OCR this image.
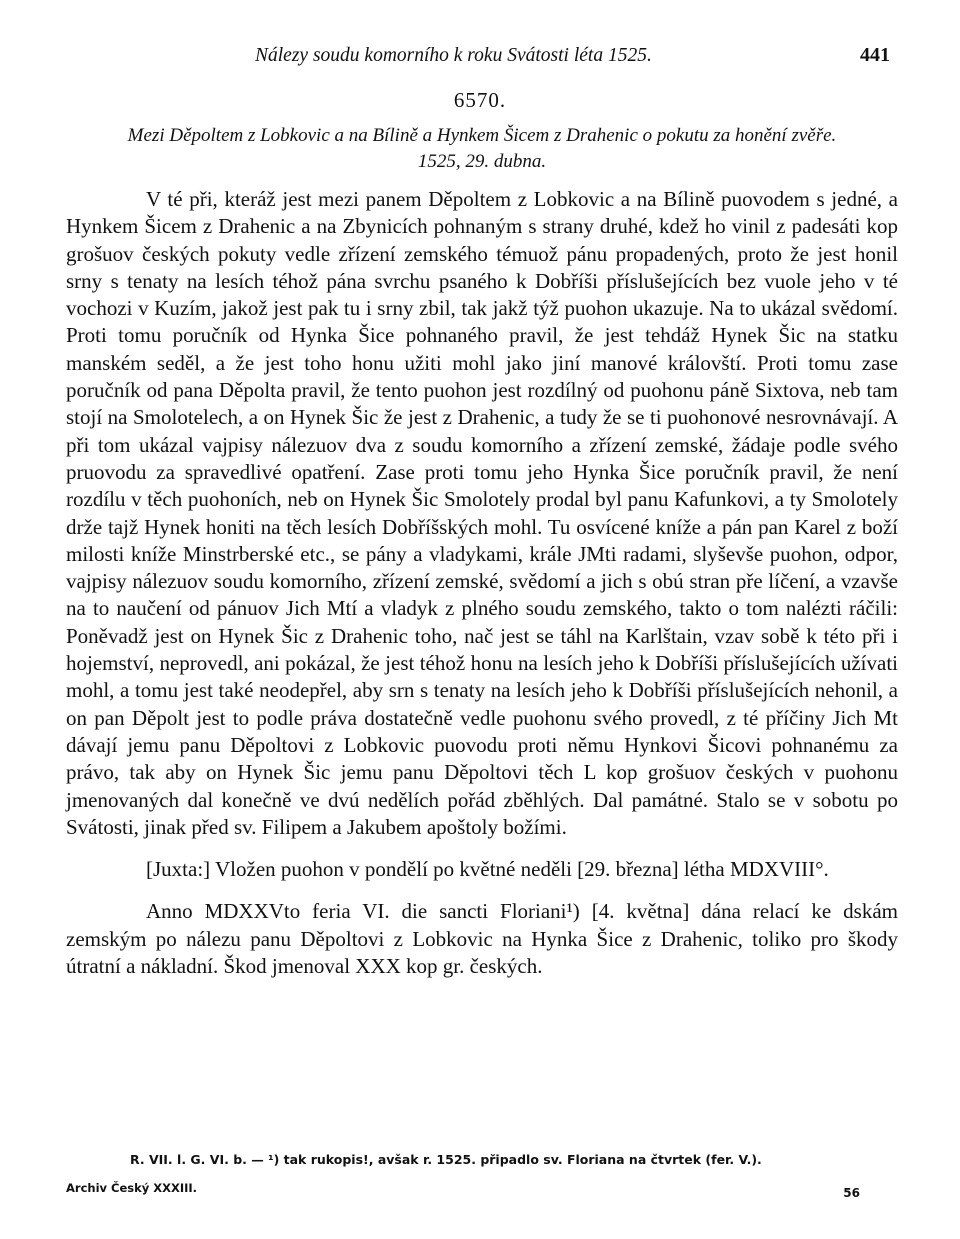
Nálezy soudu komorního k roku Svátosti léta 1525.	441
6570.
Mezi Děpoltem z Lobkovic a na Bílině a Hynkem Šicem z Drahenic o pokutu za honění zvěře.
1525, 29. dubna.

V té při, kteráž jest mezi panem Děpoltem z Lobkovic a na Bílině puovodem s jedné, a Hynkem Šicem z Drahenic a na Zbynicích pohnaným s strany druhé, kdež ho vinil z padesáti kop grošuov českých pokuty vedle zřízení zemského témuož pánu propadených, proto že jest honil srny s tenaty na lesích téhož pána svrchu psaného k Dobříši příslušejících bez vuole jeho v té vochozi v Kuzím, jakož jest pak tu i srny zbil, tak jakž týž puohon ukazuje. Na to ukázal svědomí. Proti tomu poručník od Hynka Šice pohnaného pravil, že jest tehdáž Hynek Šic na statku manském seděl, a že jest toho honu užiti mohl jako jiní manové královští. Proti tomu zase poručník od pana Děpolta pravil, že tento puohon jest rozdílný od puohonu páně Sixtova, neb tam stojí na Smolotelech, a on Hynek Šic že jest z Drahenic, a tudy že se ti puohonové nesrovnávají. A při tom ukázal vajpisy nálezuov dva z soudu komorního a zřízení zemské, žádaje podle svého pruovodu za spravedlivé opatření. Zase proti tomu jeho Hynka Šice poručník pravil, že není rozdílu v těch puohoních, neb on Hynek Šic Smolotely prodal byl panu Kafunkovi, a ty Smolotely drže tajž Hynek honiti na těch lesích Dobříšských mohl. Tu osvícené kníže a pán pan Karel z boží milosti kníže Minstrberské etc., se pány a vladykami, krále JMti radami, slyševše puohon, odpor, vajpisy nálezuov soudu komorního, zřízení zemské, svědomí a jich s obú stran pře líčení, a vzavše na to naučení od pánuov Jich Mtí a vladyk z plného soudu zemského, takto o tom nalézti ráčili: Poněvadž jest on Hynek Šic z Drahenic toho, nač jest se táhl na Karlštain, vzav sobě k této při i hojemství, neprovedl, ani pokázal, že jest téhož honu na lesích jeho k Dobříši příslušejících užívati mohl, a tomu jest také neodepřel, aby srn s tenaty na lesích jeho k Dobříši příslušejících nehonil, a on pan Děpolt jest to podle práva dostatečně vedle puohonu svého provedl, z té příčiny Jich Mt dávají jemu panu Děpoltovi z Lobkovic puovodu proti němu Hynkovi Šicovi pohnanému za právo, tak aby on Hynek Šic jemu panu Děpoltovi těch L kop grošuov českých v puohonu jmenovaných dal konečně ve dvú nedělích pořád zběhlých. Dal památné. Stalo se v sobotu po Svátosti, jinak před sv. Filipem a Jakubem apoštoly božími.

[Juxta:] Vložen puohon v pondělí po květné neděli [29. března] létha MDXVIII°.

Anno MDXXVto feria VI. die sancti Floriani¹) [4. května] dána relací ke dskám zemským po nálezu panu Děpoltovi z Lobkovic na Hynka Šice z Drahenic, toliko pro škody útratní a nákladní. Škod jmenoval XXX kop gr. českých.

R. VII. l. G. VI. b. — ¹) tak rukopis!, avšak r. 1525. připadlo sv. Floriana na čtvrtek (fer. V.).
Archiv Český XXXIII.	56
